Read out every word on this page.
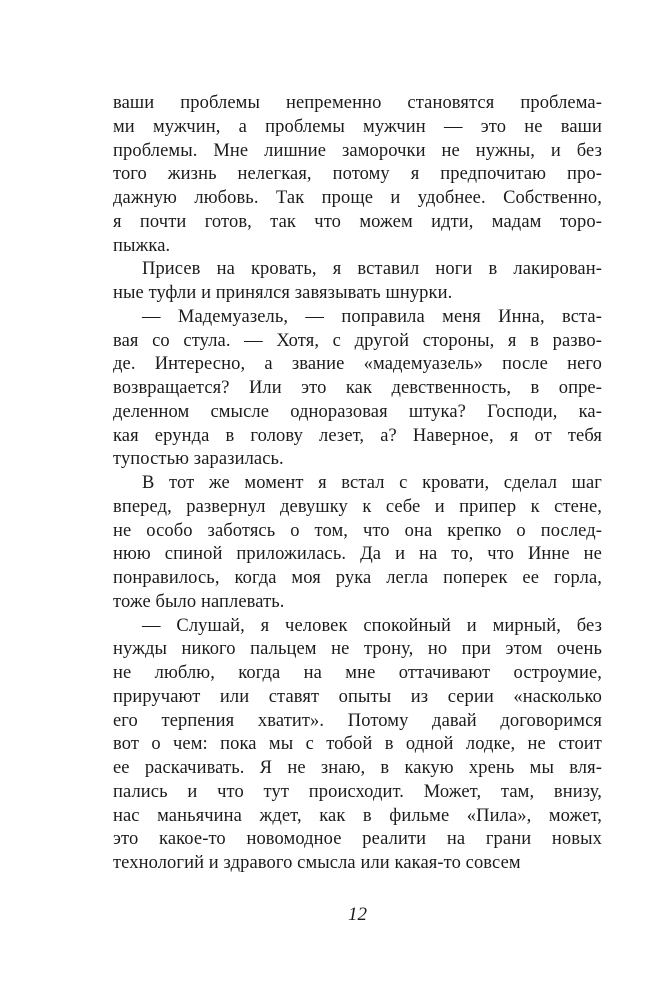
ваши проблемы непременно становятся проблема-
ми мужчин, а проблемы мужчин — это не ваши
проблемы. Мне лишние заморочки не нужны, и без
того жизнь нелегкая, потому я предпочитаю про-
дажную любовь. Так проще и удобнее. Собственно,
я почти готов, так что можем идти, мадам торо-
пыжка.
Присев на кровать, я вставил ноги в лакирован-
ные туфли и принялся завязывать шнурки.
— Мадемуазель, — поправила меня Инна, вста-
вая со стула. — Хотя, с другой стороны, я в разво-
де. Интересно, а звание «мадемуазель» после него
возвращается? Или это как девственность, в опре-
деленном смысле одноразовая штука? Господи, ка-
кая ерунда в голову лезет, а? Наверное, я от тебя
тупостью заразилась.
В тот же момент я встал с кровати, сделал шаг
вперед, развернул девушку к себе и припер к стене,
не особо заботясь о том, что она крепко о послед-
нюю спиной приложилась. Да и на то, что Инне не
понравилось, когда моя рука легла поперек ее горла,
тоже было наплевать.
— Слушай, я человек спокойный и мирный, без
нужды никого пальцем не трону, но при этом очень
не люблю, когда на мне оттачивают остроумие,
приручают или ставят опыты из серии «насколько
его терпения хватит». Потому давай договоримся
вот о чем: пока мы с тобой в одной лодке, не стоит
ее раскачивать. Я не знаю, в какую хрень мы вля-
пались и что тут происходит. Может, там, внизу,
нас маньячина ждет, как в фильме «Пила», может,
это какое-то новомодное реалити на грани новых
технологий и здравого смысла или какая-то совсем
12
